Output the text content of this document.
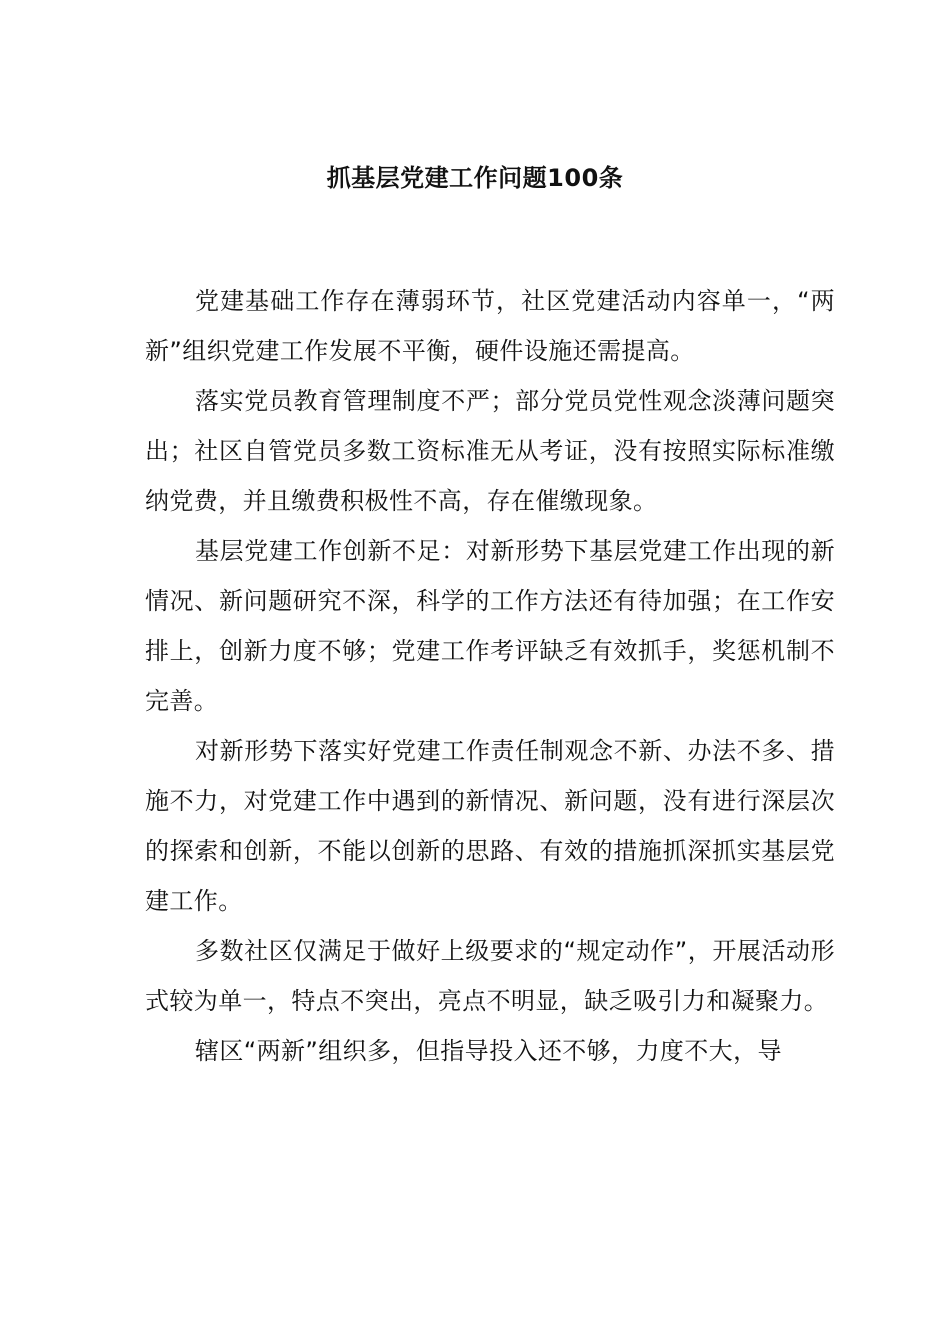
抓基层党建工作问题100条

党建基础工作存在薄弱环节，社区党建活动内容单一，“两新”组织党建工作发展不平衡，硬件设施还需提高。

落实党员教育管理制度不严；部分党员党性观念淡薄问题突出；社区自管党员多数工资标准无从考证，没有按照实际标准缴纳党费，并且缴费积极性不高，存在催缴现象。

基层党建工作创新不足：对新形势下基层党建工作出现的新情况、新问题研究不深，科学的工作方法还有待加强；在工作安排上，创新力度不够；党建工作考评缺乏有效抓手，奖惩机制不完善。

对新形势下落实好党建工作责任制观念不新、办法不多、措施不力，对党建工作中遇到的新情况、新问题，没有进行深层次的探索和创新，不能以创新的思路、有效的措施抓深抓实基层党建工作。

多数社区仅满足于做好上级要求的“规定动作”，开展活动形式较为单一，特点不突出，亮点不明显，缺乏吸引力和凝聚力。

辖区“两新”组织多，但指导投入还不够，力度不大，导
